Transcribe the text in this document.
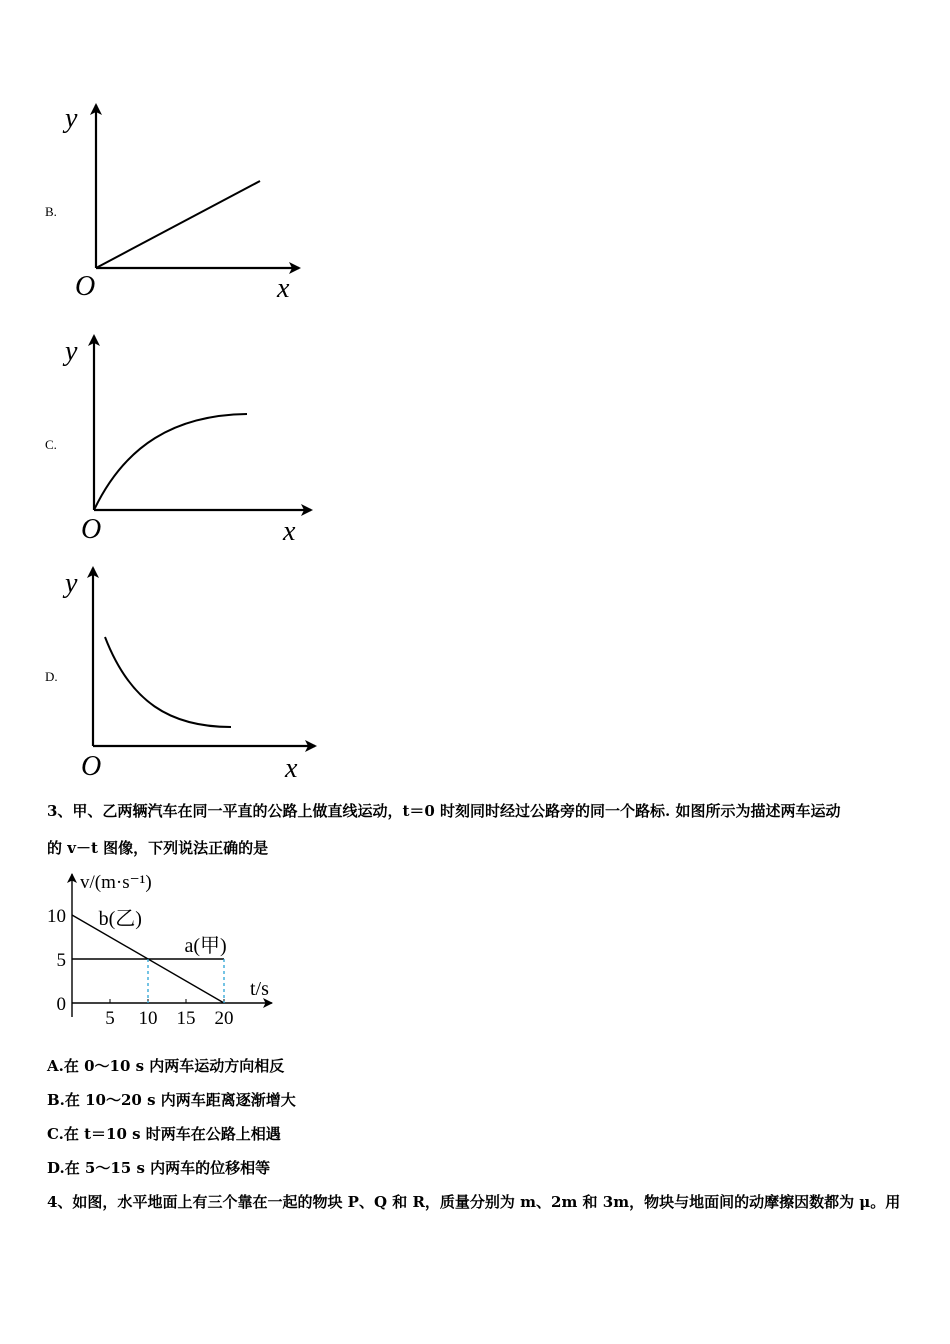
B.
y
x
O
C.
y
x
O
D.
y
x
O
3、甲、乙两辆汽车在同一平直的公路上做直线运动，t＝0 时刻同时经过公路旁的同一个路标. 如图所示为描述两车运动
的 v－t 图像，下列说法正确的是
5 10 15 20
0
5
10 b(乙)
a(甲)
v/(m·s⁻¹)
t/s
A.在 0～10 s 内两车运动方向相反
B.在 10～20 s 内两车距离逐渐增大
C.在 t＝10 s 时两车在公路上相遇
D.在 5～15 s 内两车的位移相等
4、如图，水平地面上有三个靠在一起的物块 P、Q 和 R，质量分别为 m、2m 和 3m，物块与地面间的动摩擦因数都为 μ。用
